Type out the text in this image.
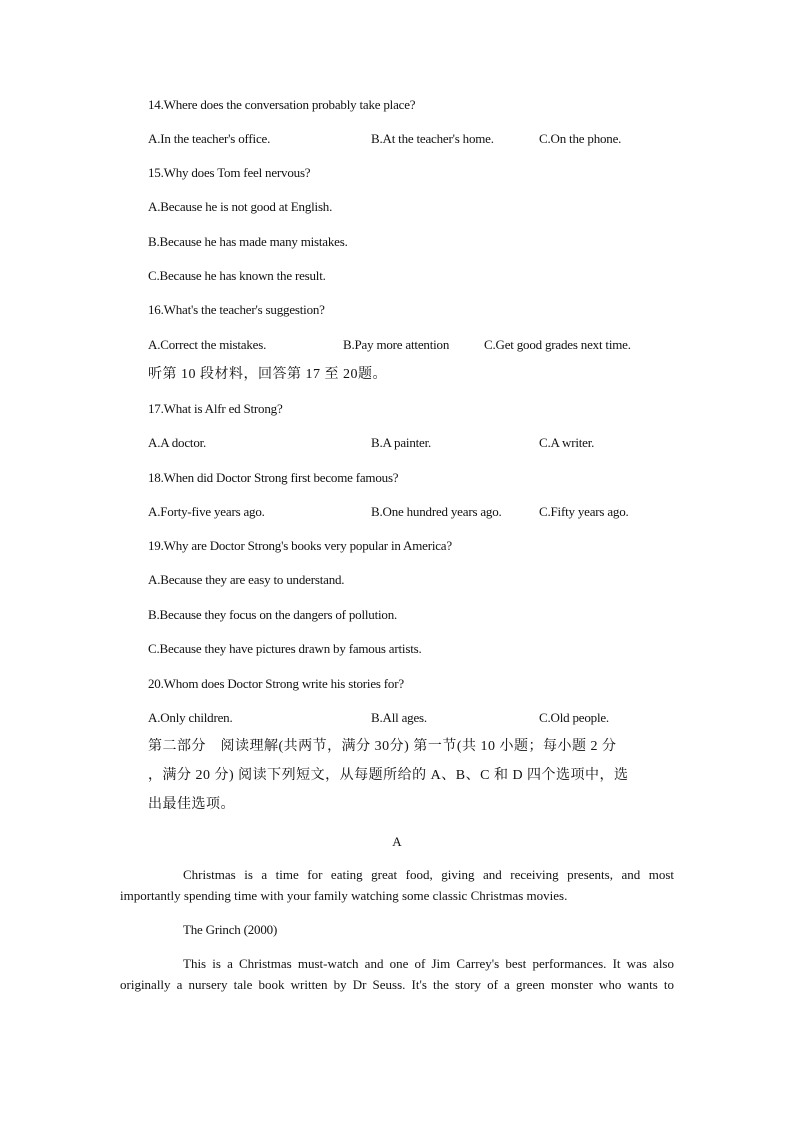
14.Where does the conversation probably take place?
A.In the teacher's office.	B.At the teacher's home.	C.On the phone.
15.Why does Tom feel nervous?
A.Because he is not good at English.
B.Because he has made many mistakes.
C.Because he has known the result.
16.What's the teacher's suggestion?
A.Correct the mistakes.	B.Pay more attention	C.Get good grades next time.
听第 10 段材料，回答第 17 至 20题。
17.What is Alfr ed Strong?
A.A doctor.	B.A painter.	C.A writer.
18.When did Doctor Strong first become famous?
A.Forty-five years ago.	B.One hundred years ago.	C.Fifty years ago.
19.Why are Doctor Strong's books very popular in America?
A.Because they are easy to understand.
B.Because they focus on the dangers of pollution.
C.Because they have pictures drawn by famous artists.
20.Whom does Doctor Strong write his stories for?
A.Only children.	B.All ages.	C.Old people.
第二部分　阅读理解(共两节，满分 30分) 第一节(共 10 小题；每小题 2 分
，满分 20 分) 阅读下列短文，从每题所给的 A、B、C 和 D 四个选项中，选
出最佳选项。
A
Christmas is a time for eating great food, giving and receiving presents, and most
importantly spending time with your family watching some classic Christmas movies.
The Grinch (2000)
This is a Christmas must-watch and one of Jim Carrey's best performances. It was also
originally a nursery tale book written by Dr Seuss. It's the story of a green monster who wants to
